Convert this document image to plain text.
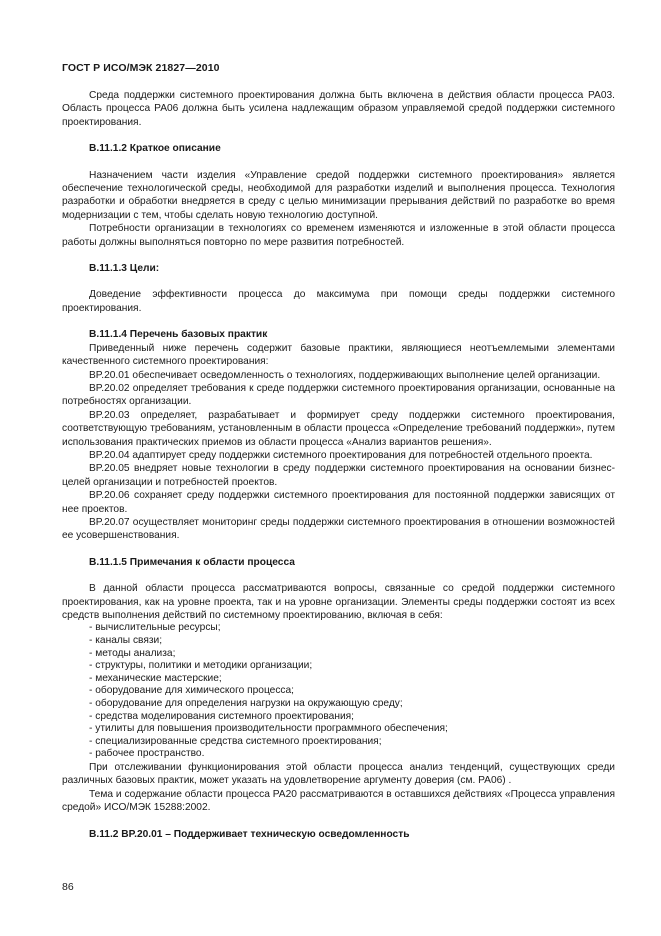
ГОСТ Р ИСО/МЭК 21827—2010

Среда поддержки системного проектирования должна быть включена в действия области процесса PA03. Область процесса PA06 должна быть усилена надлежащим образом управляемой средой поддержки системного проектирования.

B.11.1.2 Краткое описание

Назначением части изделия «Управление средой поддержки системного проектирования» является обеспечение технологической среды, необходимой для разработки изделий и выполнения процесса. Технология разработки и обработки внедряется в среду с целью минимизации прерывания действий по разработке во время модернизации с тем, чтобы сделать новую технологию доступной.

Потребности организации в технологиях со временем изменяются и изложенные в этой области процесса работы должны выполняться повторно по мере развития потребностей.

B.11.1.3 Цели:

Доведение эффективности процесса до максимума при помощи среды поддержки системного проектирования.

B.11.1.4 Перечень базовых практик

Приведенный ниже перечень содержит базовые практики, являющиеся неотъемлемыми элементами качественного системного проектирования:

BP.20.01 обеспечивает осведомленность о технологиях, поддерживающих выполнение целей организации.

BP.20.02 определяет требования к среде поддержки системного проектирования организации, основанные на потребностях организации.

BP.20.03 определяет, разрабатывает и формирует среду поддержки системного проектирования, соответствующую требованиям, установленным в области процесса «Определение требований поддержки», путем использования практических приемов из области процесса «Анализ вариантов решения».

BP.20.04 адаптирует среду поддержки системного проектирования для потребностей отдельного проекта.

BP.20.05 внедряет новые технологии в среду поддержки системного проектирования на основании бизнес-целей организации и потребностей проектов.

BP.20.06 сохраняет среду поддержки системного проектирования для постоянной поддержки зависящих от нее проектов.

BP.20.07 осуществляет мониторинг среды поддержки системного проектирования в отношении возможностей ее усовершенствования.

B.11.1.5 Примечания к области процесса

В данной области процесса рассматриваются вопросы, связанные со средой поддержки системного проектирования, как на уровне проекта, так и на уровне организации. Элементы среды поддержки состоят из всех средств выполнения действий по системному проектированию, включая в себя:

- вычислительные ресурсы;
- каналы связи;
- методы анализа;
- структуры, политики и методики организации;
- механические мастерские;
- оборудование для химического процесса;
- оборудование для определения нагрузки на окружающую среду;
- средства моделирования системного проектирования;
- утилиты для повышения производительности программного обеспечения;
- специализированные средства системного проектирования;
- рабочее пространство.

При отслеживании функционирования этой области процесса анализ тенденций, существующих среди различных базовых практик, может указать на удовлетворение аргументу доверия (см. PA06) .

Тема и содержание области процесса PA20 рассматриваются в оставшихся действиях «Процесса управления средой» ИСО/МЭК 15288:2002.

B.11.2 BP.20.01 – Поддерживает техническую осведомленность
86
